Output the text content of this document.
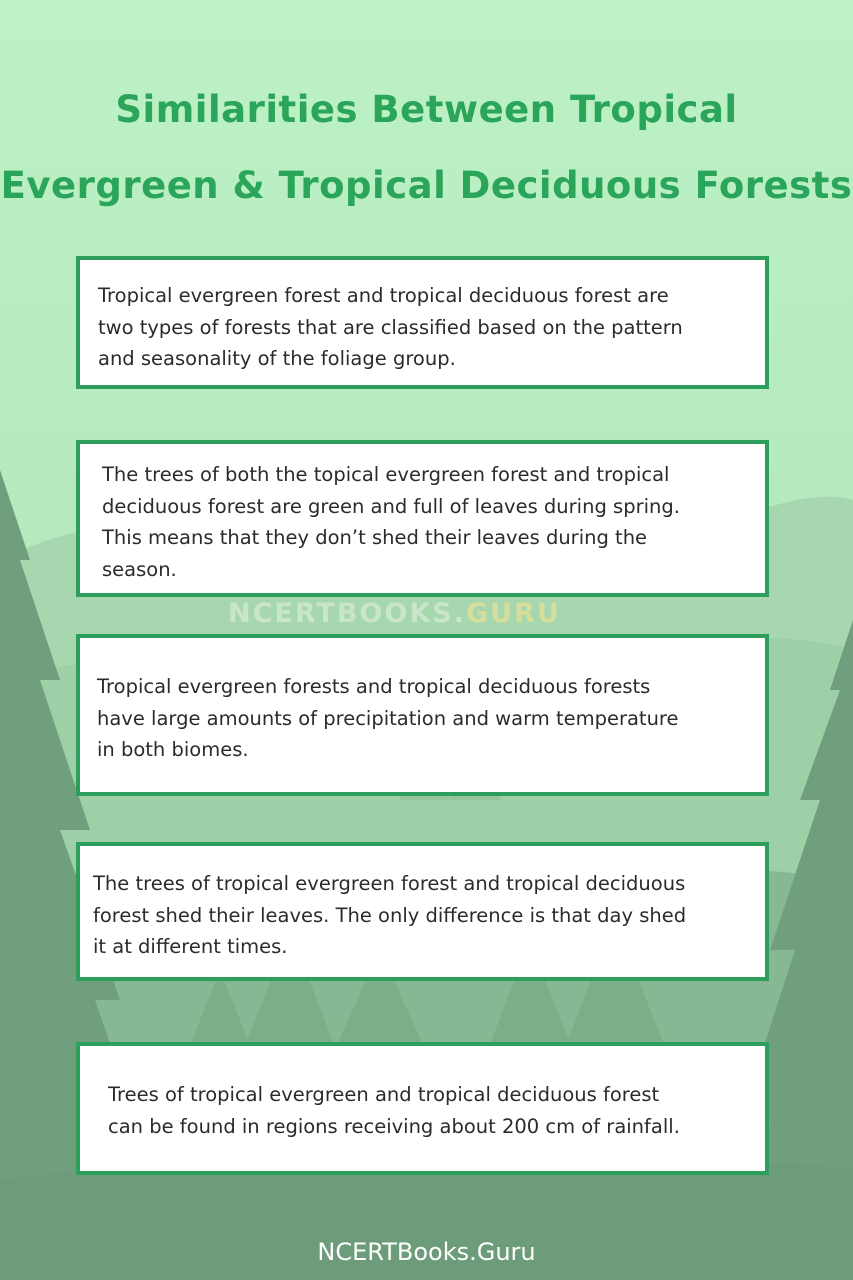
Similarities Between Tropical
Evergreen & Tropical Deciduous Forests
NCERTBOOKS.GURU

Tropical evergreen forest and tropical deciduous forest are
two types of forests that are classified based on the pattern
and seasonality of the foliage group.

The trees of both the topical evergreen forest and tropical
deciduous forest are green and full of leaves during spring.
This means that they don’t shed their leaves during the
season.

Tropical evergreen forests and tropical deciduous forests
have large amounts of precipitation and warm temperature
in both biomes.

The trees of tropical evergreen forest and tropical deciduous
forest shed their leaves. The only difference is that day shed
it at different times.

Trees of tropical evergreen and tropical deciduous forest
can be found in regions receiving about 200 cm of rainfall.

NCERTBooks.Guru
